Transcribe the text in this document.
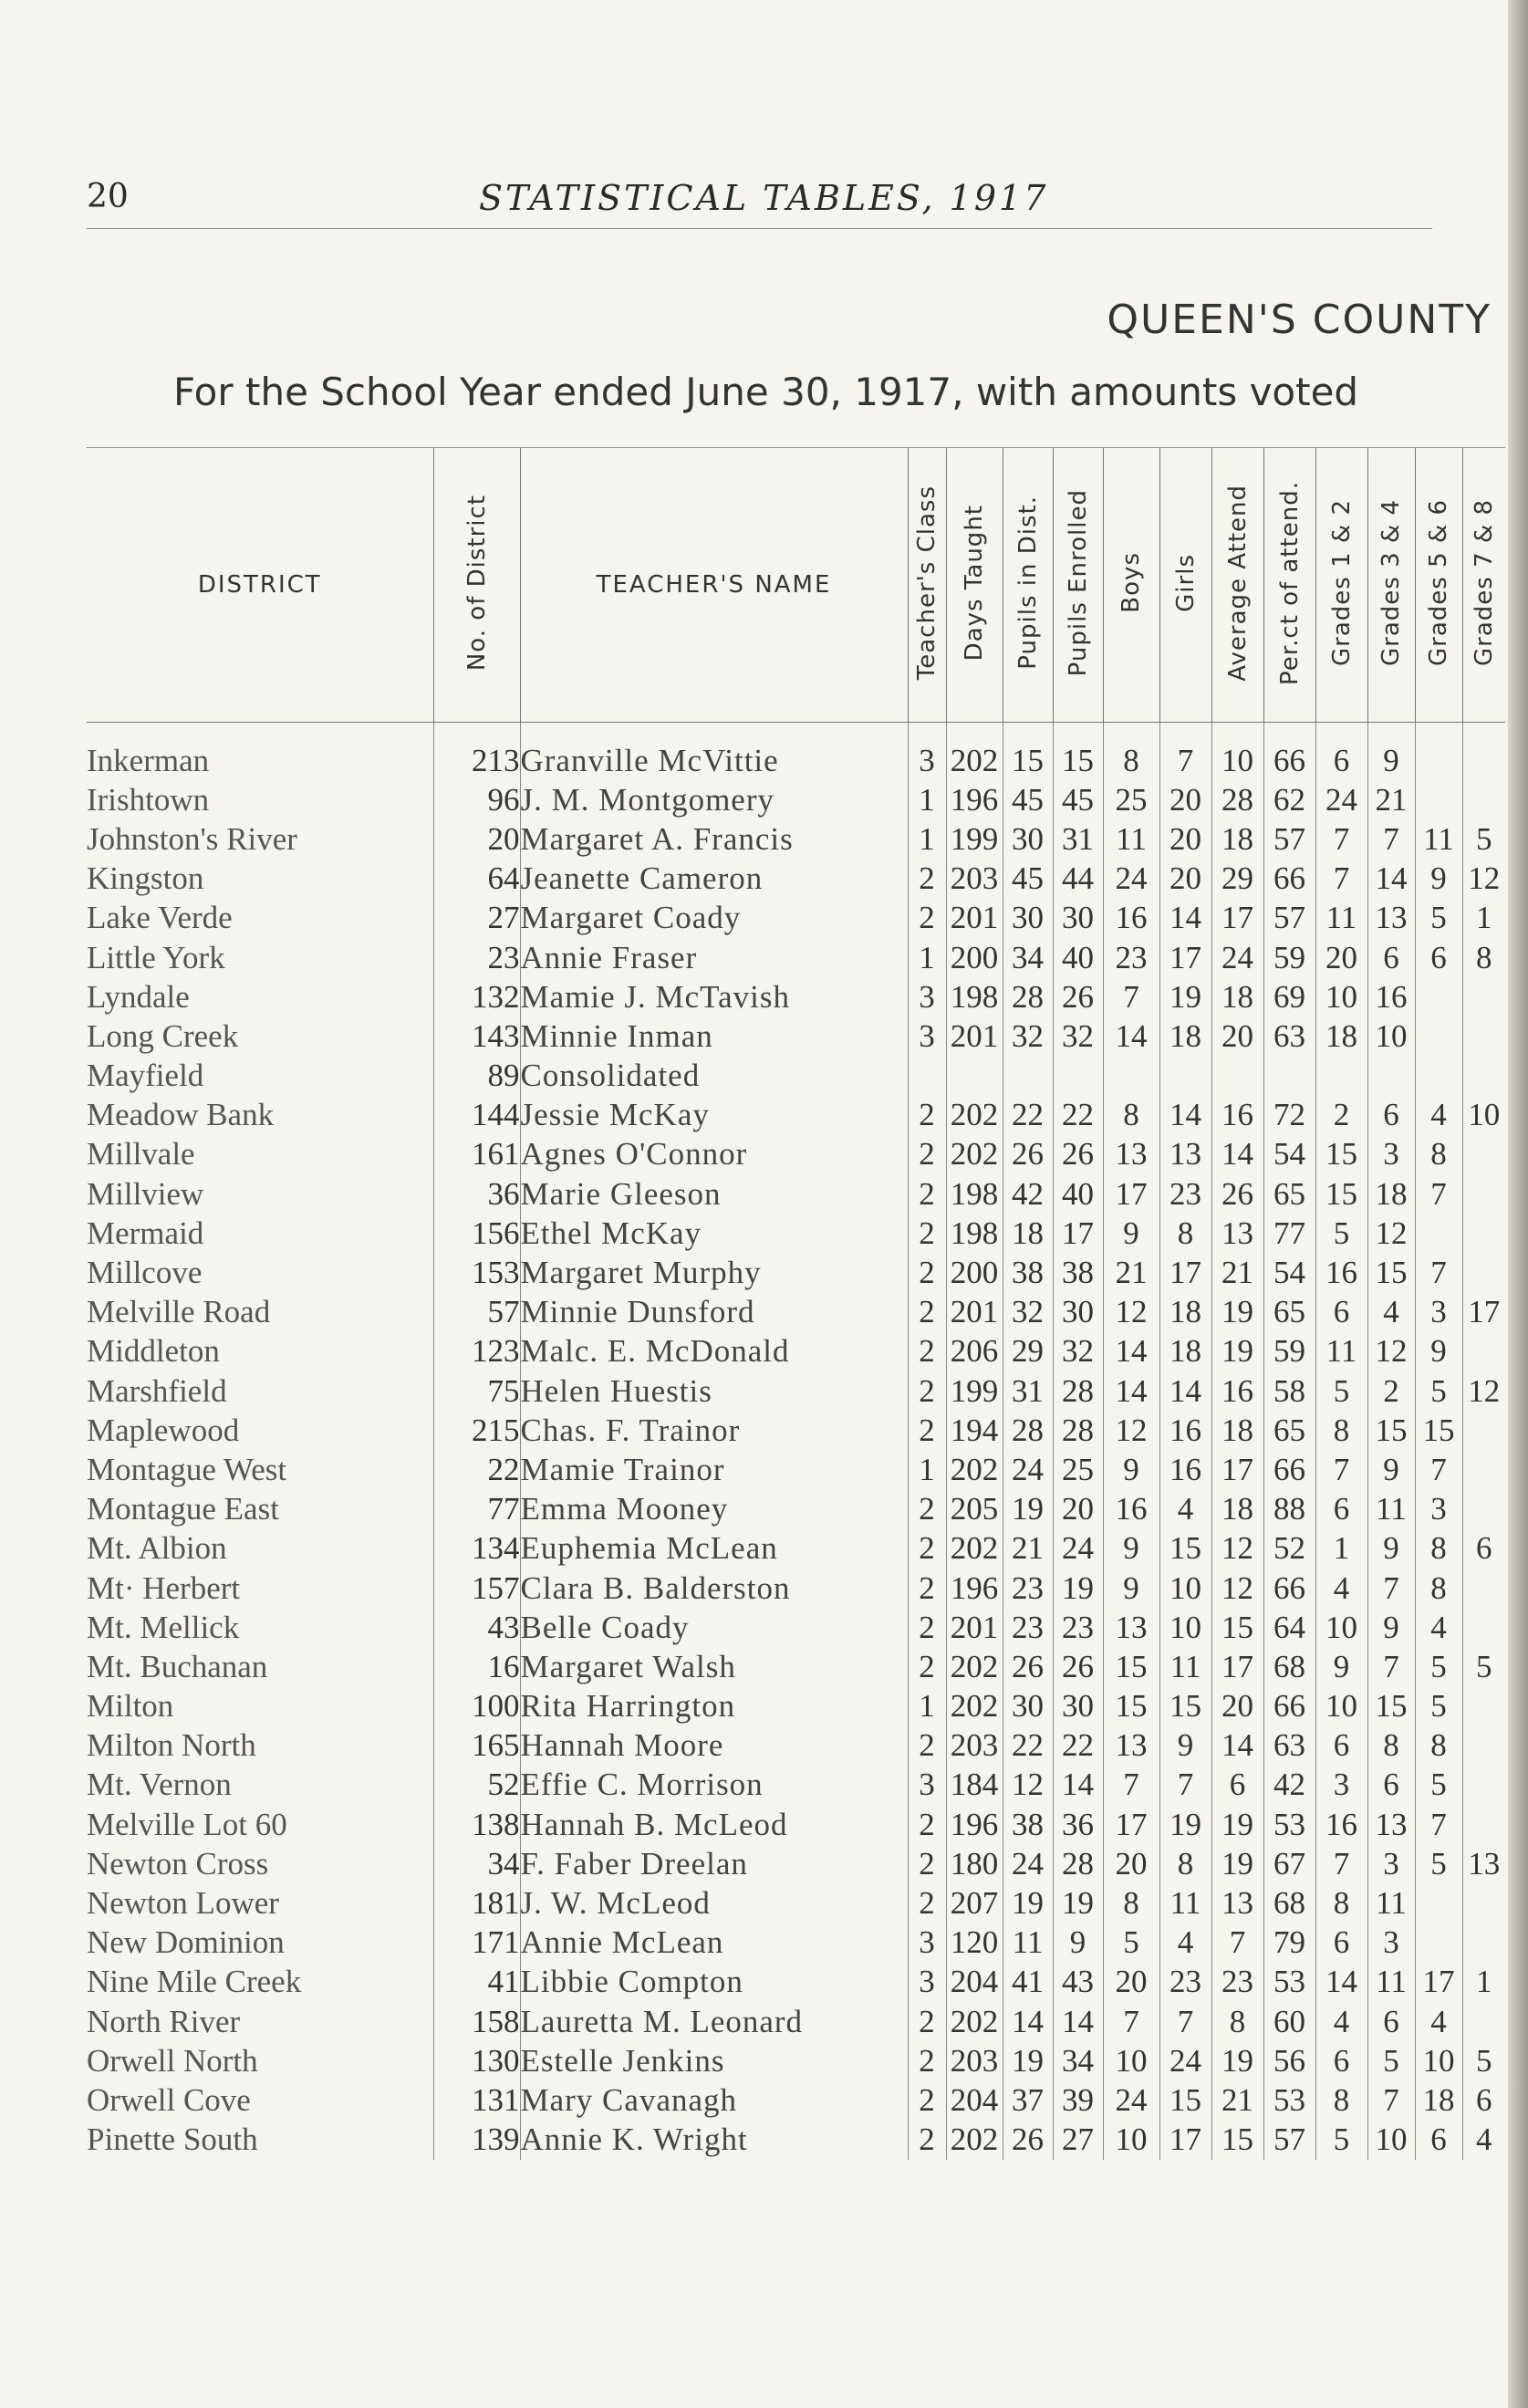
20	STATISTICAL TABLES, 1917
QUEEN'S COUNTY
For the School Year ended June 30, 1917, with amounts voted
DISTRICT	No. of District	TEACHER'S NAME	Teacher's Class	Days Taught	Pupils in Dist.	Pupils Enrolled	Boys	Girls	Average Attend	Per.ct of attend.	Grades 1 & 2	Grades 3 & 4	Grades 5 & 6	Grades 7 & 8
Inkerman	213	Granville McVittie	3	202	15	15	8	7	10	66	6	9		
Irishtown	96	J. M. Montgomery	1	196	45	45	25	20	28	62	24	21		
Johnston's River	20	Margaret A. Francis	1	199	30	31	11	20	18	57	7	7	11	5
Kingston	64	Jeanette Cameron	2	203	45	44	24	20	29	66	7	14	9	12
Lake Verde	27	Margaret Coady	2	201	30	30	16	14	17	57	11	13	5	1
Little York	23	Annie Fraser	1	200	34	40	23	17	24	59	20	6	6	8
Lyndale	132	Mamie J. McTavish	3	198	28	26	7	19	18	69	10	16		
Long Creek	143	Minnie Inman	3	201	32	32	14	18	20	63	18	10		
Mayfield	89	Consolidated												
Meadow Bank	144	Jessie McKay	2	202	22	22	8	14	16	72	2	6	4	10
Millvale	161	Agnes O'Connor	2	202	26	26	13	13	14	54	15	3	8	
Millview	36	Marie Gleeson	2	198	42	40	17	23	26	65	15	18	7	
Mermaid	156	Ethel McKay	2	198	18	17	9	8	13	77	5	12		
Millcove	153	Margaret Murphy	2	200	38	38	21	17	21	54	16	15	7	
Melville Road	57	Minnie Dunsford	2	201	32	30	12	18	19	65	6	4	3	17
Middleton	123	Malc. E. McDonald	2	206	29	32	14	18	19	59	11	12	9	
Marshfield	75	Helen Huestis	2	199	31	28	14	14	16	58	5	2	5	12
Maplewood	215	Chas. F. Trainor	2	194	28	28	12	16	18	65	8	15	15	
Montague West	22	Mamie Trainor	1	202	24	25	9	16	17	66	7	9	7	
Montague East	77	Emma Mooney	2	205	19	20	16	4	18	88	6	11	3	
Mt. Albion	134	Euphemia McLean	2	202	21	24	9	15	12	52	1	9	8	6
Mt· Herbert	157	Clara B. Balderston	2	196	23	19	9	10	12	66	4	7	8	
Mt. Mellick	43	Belle Coady	2	201	23	23	13	10	15	64	10	9	4	
Mt. Buchanan	16	Margaret Walsh	2	202	26	26	15	11	17	68	9	7	5	5
Milton	100	Rita Harrington	1	202	30	30	15	15	20	66	10	15	5	
Milton North	165	Hannah Moore	2	203	22	22	13	9	14	63	6	8	8	
Mt. Vernon	52	Effie C. Morrison	3	184	12	14	7	7	6	42	3	6	5	
Melville Lot 60	138	Hannah B. McLeod	2	196	38	36	17	19	19	53	16	13	7	
Newton Cross	34	F. Faber Dreelan	2	180	24	28	20	8	19	67	7	3	5	13
Newton Lower	181	J. W. McLeod	2	207	19	19	8	11	13	68	8	11		
New Dominion	171	Annie McLean	3	120	11	9	5	4	7	79	6	3		
Nine Mile Creek	41	Libbie Compton	3	204	41	43	20	23	23	53	14	11	17	1
North River	158	Lauretta M. Leonard	2	202	14	14	7	7	8	60	4	6	4	
Orwell North	130	Estelle Jenkins	2	203	19	34	10	24	19	56	6	5	10	5
Orwell Cove	131	Mary Cavanagh	2	204	37	39	24	15	21	53	8	7	18	6
Pinette South	139	Annie K. Wright	2	202	26	27	10	17	15	57	5	10	6	4
